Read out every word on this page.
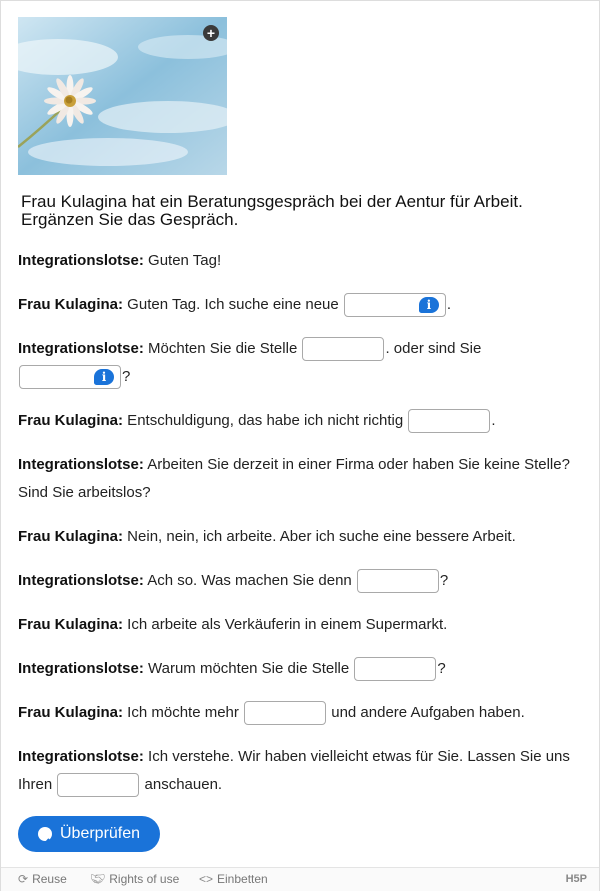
+
Frau Kulagina hat ein Beratungsgespräch bei der Aentur für Arbeit.
Ergänzen Sie das Gespräch.
Integrationslotse: Guten Tag!
Frau Kulagina: Guten Tag. Ich suche eine neue	i	.
Integrationslotse: Möchten Sie die Stelle	. oder sind Sie
i	?
Frau Kulagina: Entschuldigung, das habe ich nicht richtig	.
Integrationslotse: Arbeiten Sie derzeit in einer Firma oder haben Sie keine Stelle? Sind Sie arbeitslos?
Frau Kulagina: Nein, nein, ich arbeite. Aber ich suche eine bessere Arbeit.
Integrationslotse: Ach so. Was machen Sie denn	?
Frau Kulagina: Ich arbeite als Verkäuferin in einem Supermarkt.
Integrationslotse: Warum möchten Sie die Stelle	?
Frau Kulagina: Ich möchte mehr	und andere Aufgaben haben.
Integrationslotse: Ich verstehe. Wir haben vielleicht etwas für Sie. Lassen Sie uns Ihren	anschauen.
Überprüfen
⟳ Reuse 🤝︎ Rights of use <> Einbetten	H5P
